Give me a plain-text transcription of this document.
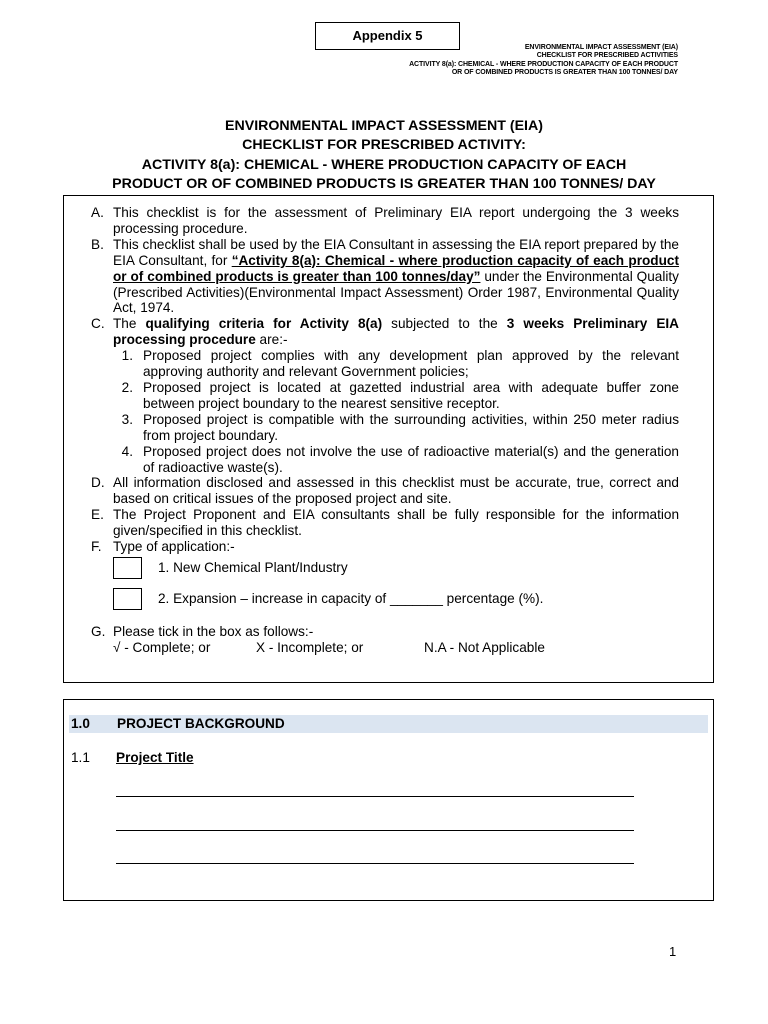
Appendix 5
ENVIRONMENTAL IMPACT ASSESSMENT (EIA)
CHECKLIST FOR PRESCRIBED ACTIVITIES
ACTIVITY 8(a): CHEMICAL - WHERE PRODUCTION CAPACITY OF EACH PRODUCT
OR OF COMBINED PRODUCTS IS GREATER THAN 100 TONNES/ DAY
ENVIRONMENTAL IMPACT ASSESSMENT (EIA)
CHECKLIST FOR PRESCRIBED ACTIVITY:
ACTIVITY 8(a): CHEMICAL - WHERE PRODUCTION CAPACITY OF EACH
PRODUCT OR OF COMBINED PRODUCTS IS GREATER THAN 100 TONNES/ DAY
A. This checklist is for the assessment of Preliminary EIA report undergoing the 3 weeks processing procedure.
B. This checklist shall be used by the EIA Consultant in assessing the EIA report prepared by the EIA Consultant, for “Activity 8(a): Chemical - where production capacity of each product or of combined products is greater than 100 tonnes/day” under the Environmental Quality (Prescribed Activities)(Environmental Impact Assessment) Order 1987, Environmental Quality Act, 1974.
C. The qualifying criteria for Activity 8(a) subjected to the 3 weeks Preliminary EIA processing procedure are:-
1. Proposed project complies with any development plan approved by the relevant approving authority and relevant Government policies;
2. Proposed project is located at gazetted industrial area with adequate buffer zone between project boundary to the nearest sensitive receptor.
3. Proposed project is compatible with the surrounding activities, within 250 meter radius from project boundary.
4. Proposed project does not involve the use of radioactive material(s) and the generation of radioactive waste(s).
D. All information disclosed and assessed in this checklist must be accurate, true, correct and based on critical issues of the proposed project and site.
E. The Project Proponent and EIA consultants shall be fully responsible for the information given/specified in this checklist.
F. Type of application:-
1. New Chemical Plant/Industry
2. Expansion – increase in capacity of _______ percentage (%).
G. Please tick in the box as follows:-
√ - Complete; or	X - Incomplete; or	N.A - Not Applicable
1.0 PROJECT BACKGROUND
1.1 Project Title
1
